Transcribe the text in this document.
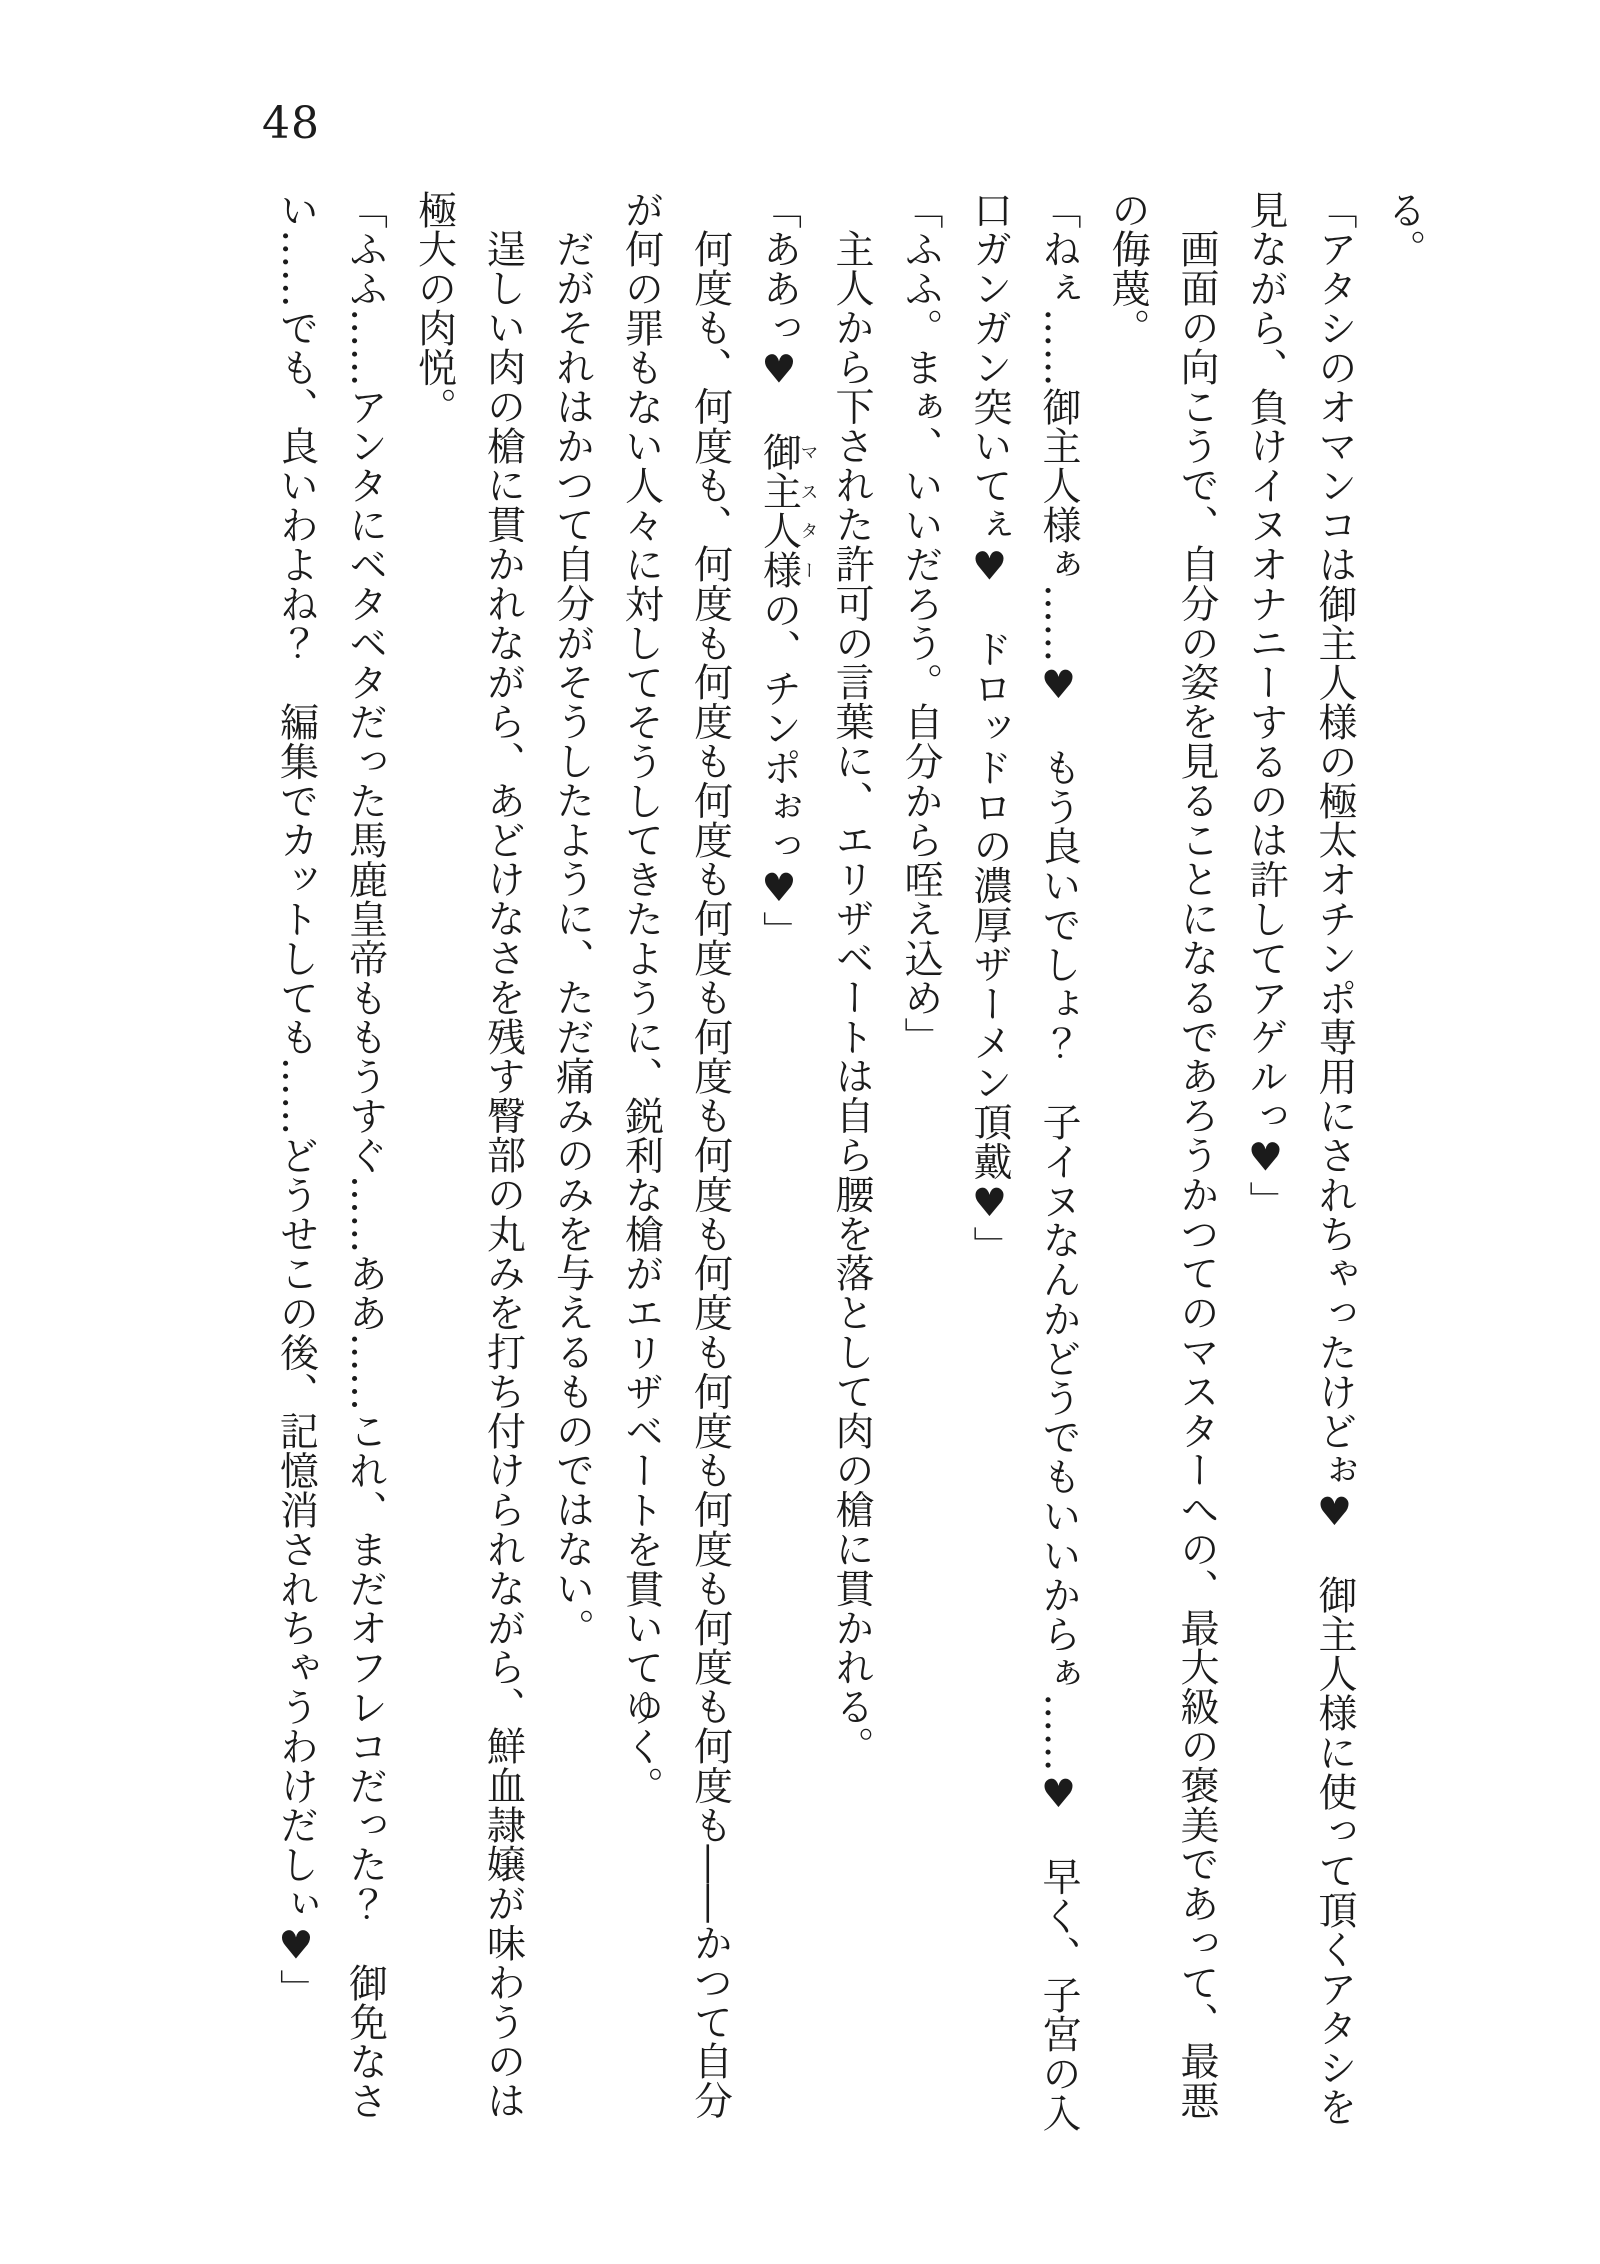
48

る。

「アタシのオマンコは御主人様の極太オチンポ専用にされちゃったけどぉ♥　御主人様に使って頂くアタシを見ながら、負けイヌオナニーするのは許してアゲルっ♥」

画面の向こうで、自分の姿を見ることになるであろうかつてのマスターへの、最大級の褒美であって、最悪の侮蔑。

「ねぇ……御主人様ぁ……♥　もう良いでしょ？　子イヌなんかどうでもいいからぁ……♥　早く、子宮の入口ガンガン突いてぇ♥　ドロッドロの濃厚ザーメン頂戴♥」

「ふふ。まぁ、いいだろう。自分から咥え込め」

主人から下された許可の言葉に、エリザベートは自ら腰を落として肉の槍に貫かれる。

「ああっ♥　御主人様マスターの、チンポぉっ♥」

何度も、何度も、何度も何度も何度も何度も何度も何度も何度も何度も何度も何度も何度も――かつて自分が何の罪もない人々に対してそうしてきたように、鋭利な槍がエリザベートを貫いてゆく。

だがそれはかつて自分がそうしたように、ただ痛みのみを与えるものではない。

逞しい肉の槍に貫かれながら、あどけなさを残す臀部の丸みを打ち付けられながら、鮮血隷嬢が味わうのは極大の肉悦。

「ふふ……アンタにベタベタだった馬鹿皇帝ももうすぐ……ああ……これ、まだオフレコだった？　御免なさい……でも、良いわよね？　編集でカットしても……どうせこの後、記憶消されちゃうわけだしぃ♥」
